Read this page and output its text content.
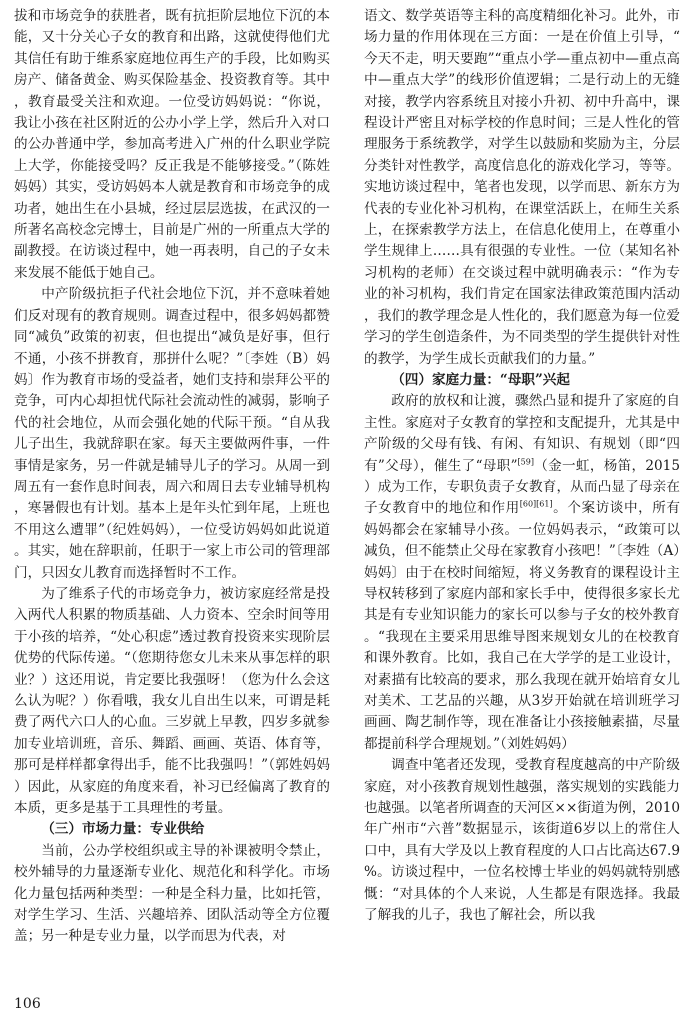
拔和市场竞争的获胜者，既有抗拒阶层地位下沉的本能，又十分关心子女的教育和出路，这就使得他们尤其信任有助于维系家庭地位再生产的手段，比如购买房产、储备黄金、购买保险基金、投资教育等。其中，教育最受关注和欢迎。一位受访妈妈说：“你说，我让小孩在社区附近的公办小学上学，然后升入对口的公办普通中学，参加高考进入广州的什么职业学院上大学，你能接受吗？反正我是不能够接受。”（陈姓妈妈）其实，受访妈妈本人就是教育和市场竞争的成功者，她出生在小县城，经过层层选拔，在武汉的一所著名高校念完博士，目前是广州的一所重点大学的副教授。在访谈过程中，她一再表明，自己的子女未来发展不能低于她自己。

中产阶级抗拒子代社会地位下沉，并不意味着她们反对现有的教育规则。调查过程中，很多妈妈都赞同“减负”政策的初衷，但也提出“减负是好事，但行不通，小孩不拼教育，那拼什么呢？”〔李姓（B）妈妈〕作为教育市场的受益者，她们支持和崇拜公平的竞争，可内心却担忧代际社会流动性的减弱，影响子代的社会地位，从而会强化她的代际干预。“自从我儿子出生，我就辞职在家。每天主要做两件事，一件事情是家务，另一件就是辅导儿子的学习。从周一到周五有一套作息时间表，周六和周日去专业辅导机构，寒暑假也有计划。基本上是年头忙到年尾，上班也不用这么遭罪”（纪姓妈妈），一位受访妈妈如此说道。其实，她在辞职前，任职于一家上市公司的管理部门，只因女儿教育而选择暂时不工作。

为了维系子代的市场竞争力，被访家庭经常是投入两代人积累的物质基础、人力资本、空余时间等用于小孩的培养，“处心积虑”透过教育投资来实现阶层优势的代际传递。“（您期待您女儿未来从事怎样的职业？）这还用说，肯定要比我强呀！（您为什么会这么认为呢？）你看哦，我女儿自出生以来，可谓是耗费了两代六口人的心血。三岁就上早教，四岁多就参加专业培训班，音乐、舞蹈、画画、英语、体育等，那可是样样都拿得出手，能不比我强吗！”（郭姓妈妈）因此，从家庭的角度来看，补习已经偏离了教育的本质，更多是基于工具理性的考量。

（三）市场力量：专业供给

当前，公办学校组织或主导的补课被明令禁止，校外辅导的力量逐渐专业化、规范化和科学化。市场化力量包括两种类型：一种是全科力量，比如托管，对学生学习、生活、兴趣培养、团队活动等全方位覆盖；另一种是专业力量，以学而思为代表，对

语文、数学英语等主科的高度精细化补习。此外，市场力量的作用体现在三方面：一是在价值上引导，“今天不走，明天要跑”“重点小学—重点初中—重点高中—重点大学”的线形价值逻辑；二是行动上的无缝对接，教学内容系统且对接小升初、初中升高中，课程设计严密且对标学校的作息时间；三是人性化的管理服务于系统教学，对学生以鼓励和奖励为主，分层分类针对性教学，高度信息化的游戏化学习，等等。实地访谈过程中，笔者也发现，以学而思、新东方为代表的专业化补习机构，在课堂活跃上，在师生关系上，在探索教学方法上，在信息化使用上，在尊重小学生规律上……具有很强的专业性。一位（某知名补习机构的老师）在交谈过程中就明确表示：“作为专业的补习机构，我们肯定在国家法律政策范围内活动，我们的教学理念是人性化的，我们愿意为每一位爱学习的学生创造条件，为不同类型的学生提供针对性的教学，为学生成长贡献我们的力量。”

（四）家庭力量：“母职”兴起

政府的放权和让渡，骤然凸显和提升了家庭的自主性。家庭对子女教育的掌控和支配提升，尤其是中产阶级的父母有钱、有闲、有知识、有规划（即“四有”父母），催生了“母职”[59]（金一虹，杨笛，2015）成为工作，专职负责子女教育，从而凸显了母亲在子女教育中的地位和作用[60][61]。个案访谈中，所有妈妈都会在家辅导小孩。一位妈妈表示，“政策可以减负，但不能禁止父母在家教育小孩吧！”〔李姓（A）妈妈〕由于在校时间缩短，将义务教育的课程设计主导权转移到了家庭内部和家长手中，使得很多家长尤其是有专业知识能力的家长可以参与子女的校外教育。“我现在主要采用思维导图来规划女儿的在校教育和课外教育。比如，我自己在大学学的是工业设计，对素描有比较高的要求，那么我现在就开始培育女儿对美术、工艺品的兴趣，从3岁开始就在培训班学习画画、陶艺制作等，现在准备让小孩接触素描，尽量都提前科学合理规划。”（刘姓妈妈）

调查中笔者还发现，受教育程度越高的中产阶级家庭，对小孩教育规划性越强，落实规划的实践能力也越强。以笔者所调查的天河区××街道为例，2010年广州市“六普”数据显示，该街道6岁以上的常住人口中，具有大学及以上教育程度的人口占比高达67.9%。访谈过程中，一位名校博士毕业的妈妈就特别感慨：“对具体的个人来说，人生都是有限选择。我最了解我的儿子，我也了解社会，所以我

106
